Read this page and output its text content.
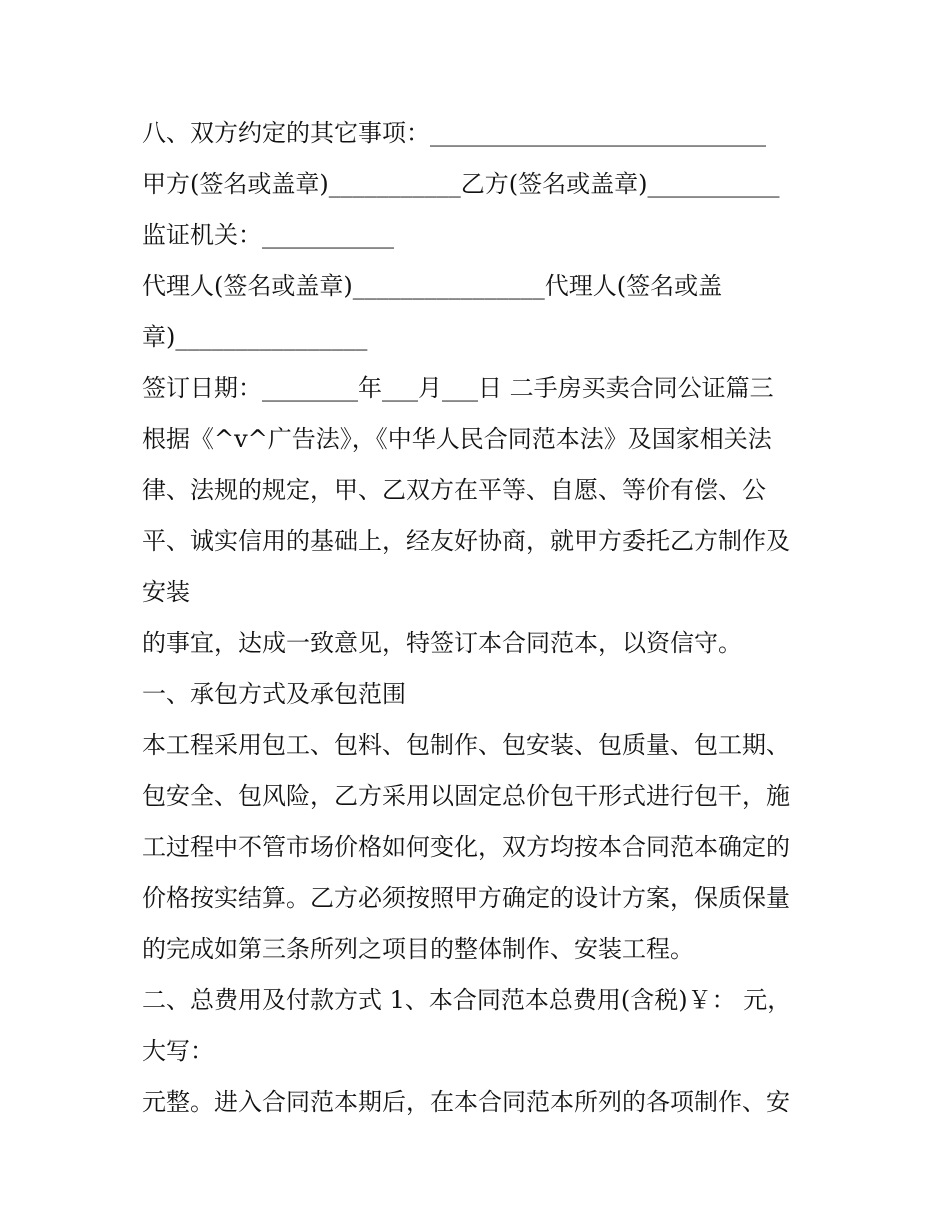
八、双方约定的其它事项：____________________________
甲方(签名或盖章)___________乙方(签名或盖章)___________
监证机关：___________
代理人(签名或盖章)________________代理人(签名或盖
章)________________
签订日期：________年___月___日 二手房买卖合同公证篇三
根据《^v^广告法》，《中华人民合同范本法》及国家相关法
律、法规的规定，甲、乙双方在平等、自愿、等价有偿、公
平、诚实信用的基础上，经友好协商，就甲方委托乙方制作及
安装
的事宜，达成一致意见，特签订本合同范本，以资信守。
一、承包方式及承包范围
本工程采用包工、包料、包制作、包安装、包质量、包工期、
包安全、包风险，乙方采用以固定总价包干形式进行包干，施
工过程中不管市场价格如何变化，双方均按本合同范本确定的
价格按实结算。乙方必须按照甲方确定的设计方案，保质保量
的完成如第三条所列之项目的整体制作、安装工程。
二、总费用及付款方式 1、本合同范本总费用(含税)￥： 元，
大写：
元整。进入合同范本期后，在本合同范本所列的各项制作、安
